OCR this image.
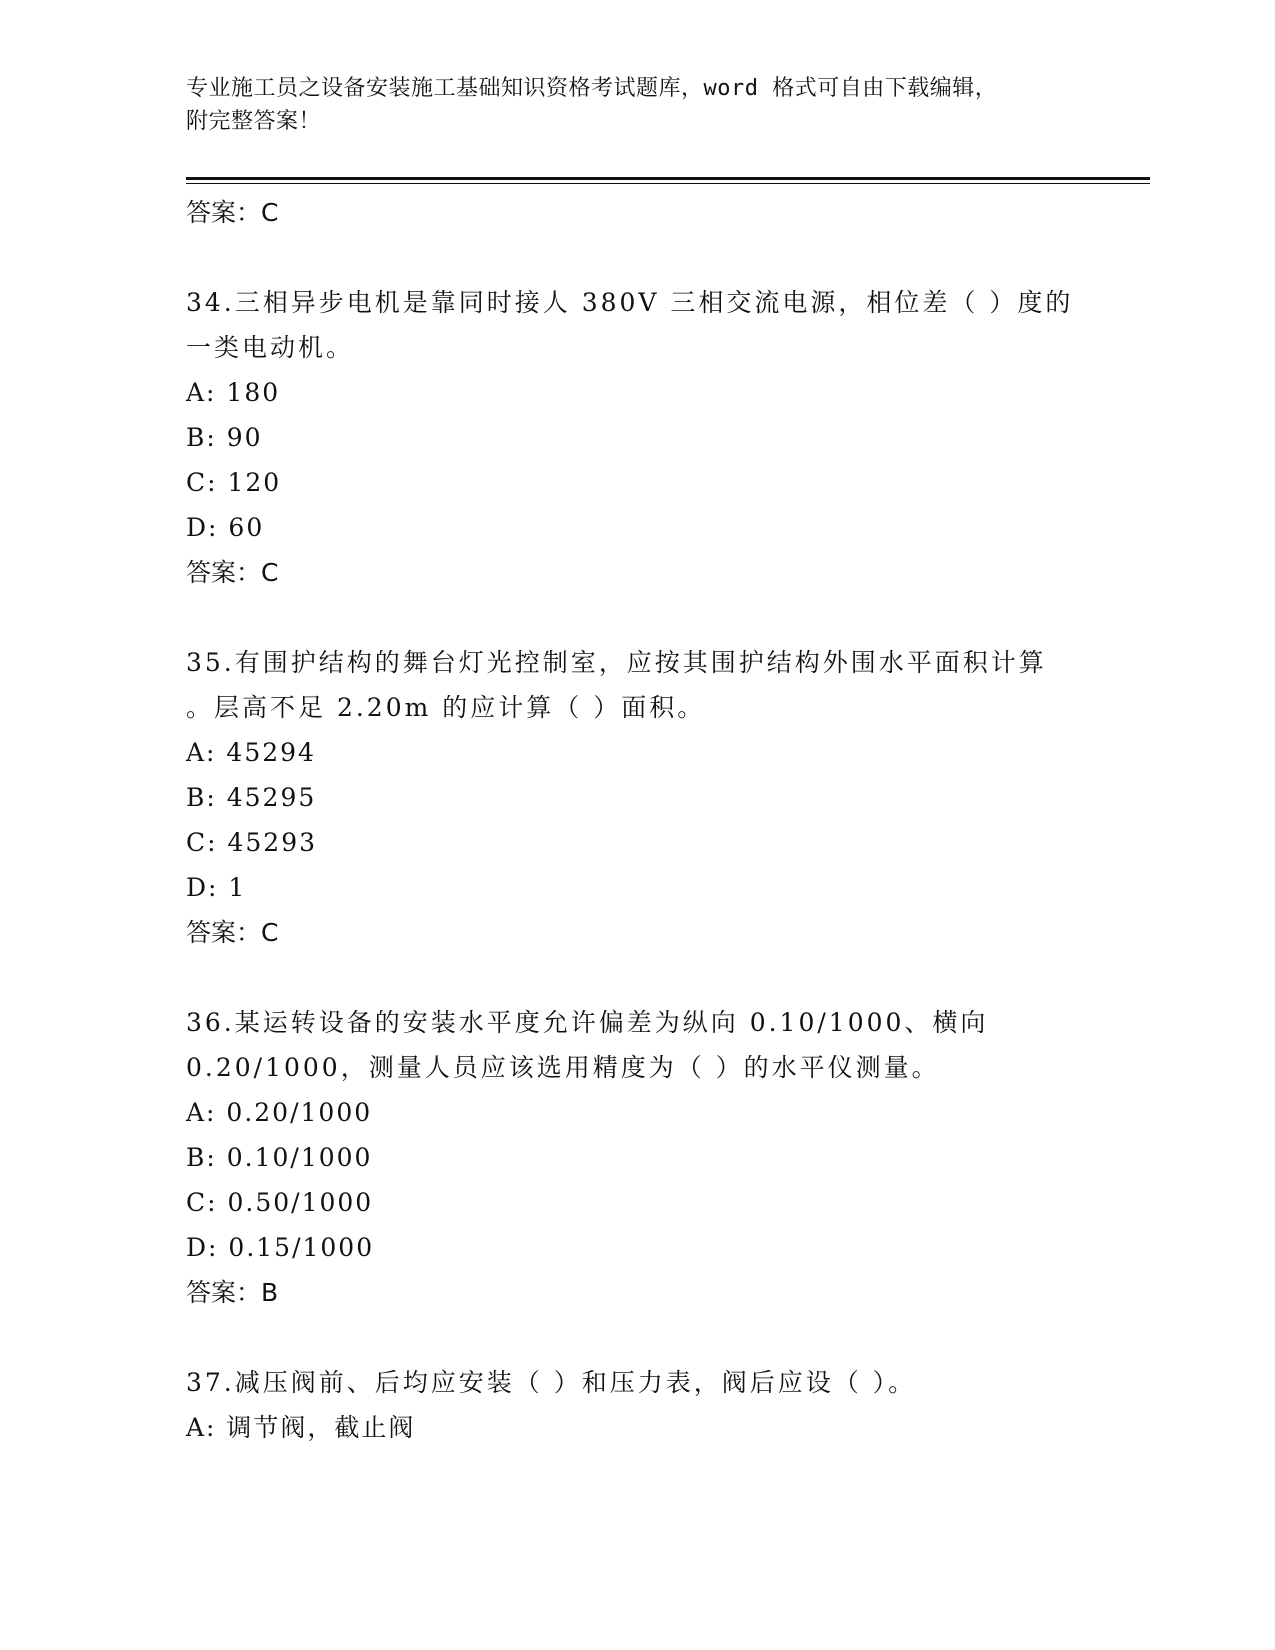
专业施工员之设备安装施工基础知识资格考试题库，word 格式可自由下载编辑，
附完整答案！
答案：C
34.三相异步电机是靠同时接人 380V 三相交流电源，相位差（ ）度的
一类电动机。
A: 180
B: 90
C: 120
D: 60
答案：C
35.有围护结构的舞台灯光控制室，应按其围护结构外围水平面积计算
。层高不足 2.20m 的应计算（ ）面积。
A: 45294
B: 45295
C: 45293
D: 1
答案：C
36.某运转设备的安装水平度允许偏差为纵向 0.10/1000、横向
0.20/1000，测量人员应该选用精度为（ ）的水平仪测量。
A: 0.20/1000
B: 0.10/1000
C: 0.50/1000
D: 0.15/1000
答案：B
37.减压阀前、后均应安装（ ）和压力表，阀后应设（ ）。
A: 调节阀，截止阀
